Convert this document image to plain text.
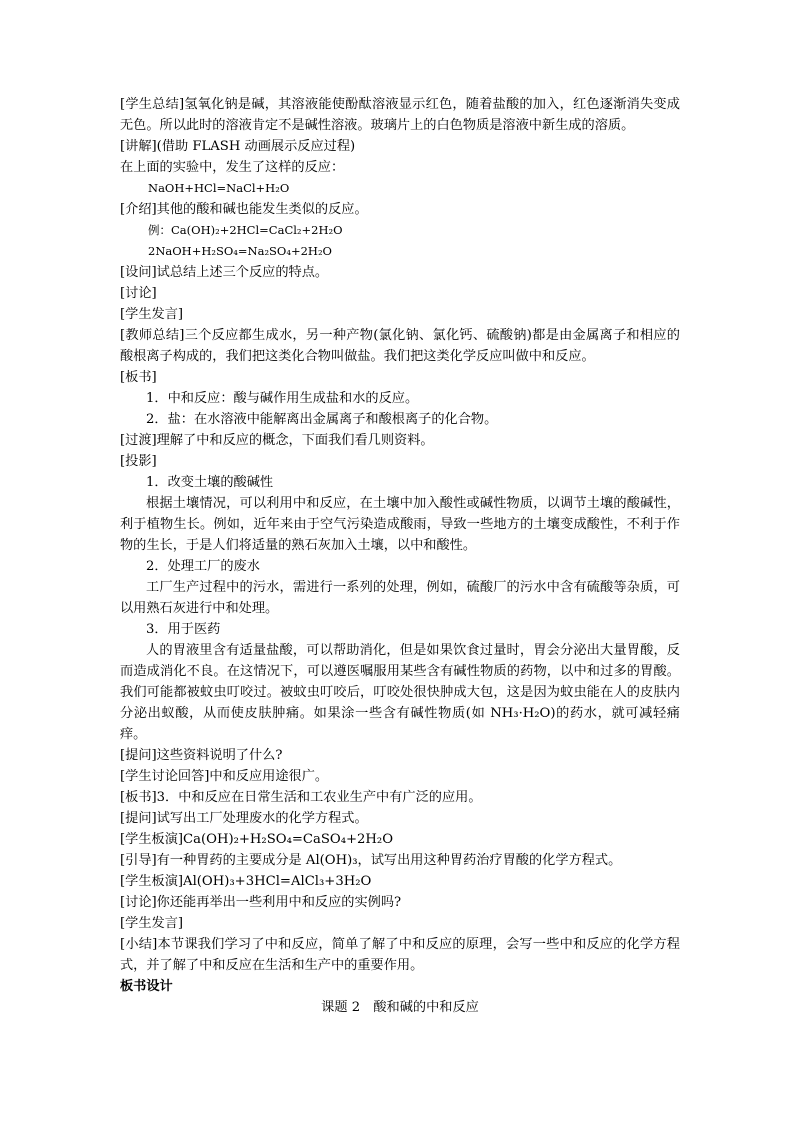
[学生总结]氢氧化钠是碱，其溶液能使酚酞溶液显示红色，随着盐酸的加入，红色逐渐消失变成无色。所以此时的溶液肯定不是碱性溶液。玻璃片上的白色物质是溶液中新生成的溶质。
[讲解](借助 FLASH 动画展示反应过程)
在上面的实验中，发生了这样的反应：
NaOH+HCl=NaCl+H₂O
[介绍]其他的酸和碱也能发生类似的反应。
例：Ca(OH)₂+2HCl=CaCl₂+2H₂O
2NaOH+H₂SO₄=Na₂SO₄+2H₂O
[设问]试总结上述三个反应的特点。
[讨论]
[学生发言]
[教师总结]三个反应都生成水，另一种产物(氯化钠、氯化钙、硫酸钠)都是由金属离子和相应的酸根离子构成的，我们把这类化合物叫做盐。我们把这类化学反应叫做中和反应。
[板书]
1．中和反应：酸与碱作用生成盐和水的反应。
2．盐：在水溶液中能解离出金属离子和酸根离子的化合物。
[过渡]理解了中和反应的概念，下面我们看几则资料。
[投影]
1．改变土壤的酸碱性
根据土壤情况，可以利用中和反应，在土壤中加入酸性或碱性物质，以调节土壤的酸碱性，利于植物生长。例如，近年来由于空气污染造成酸雨，导致一些地方的土壤变成酸性，不利于作物的生长，于是人们将适量的熟石灰加入土壤，以中和酸性。
2．处理工厂的废水
工厂生产过程中的污水，需进行一系列的处理，例如，硫酸厂的污水中含有硫酸等杂质，可以用熟石灰进行中和处理。
3．用于医药
人的胃液里含有适量盐酸，可以帮助消化，但是如果饮食过量时，胃会分泌出大量胃酸，反而造成消化不良。在这情况下，可以遵医嘱服用某些含有碱性物质的药物，以中和过多的胃酸。我们可能都被蚊虫叮咬过。被蚊虫叮咬后，叮咬处很快肿成大包，这是因为蚊虫能在人的皮肤内分泌出蚁酸，从而使皮肤肿痛。如果涂一些含有碱性物质(如 NH₃·H₂O)的药水，就可减轻痛痒。
[提问]这些资料说明了什么?
[学生讨论回答]中和反应用途很广。
[板书]3．中和反应在日常生活和工农业生产中有广泛的应用。
[提问]试写出工厂处理废水的化学方程式。
[学生板演]Ca(OH)₂+H₂SO₄=CaSO₄+2H₂O
[引导]有一种胃药的主要成分是 Al(OH)₃，试写出用这种胃药治疗胃酸的化学方程式。
[学生板演]Al(OH)₃+3HCl=AlCl₃+3H₂O
[讨论]你还能再举出一些利用中和反应的实例吗?
[学生发言]
[小结]本节课我们学习了中和反应，简单了解了中和反应的原理，会写一些中和反应的化学方程式，并了解了中和反应在生活和生产中的重要作用。
板书设计
课题 2　酸和碱的中和反应
